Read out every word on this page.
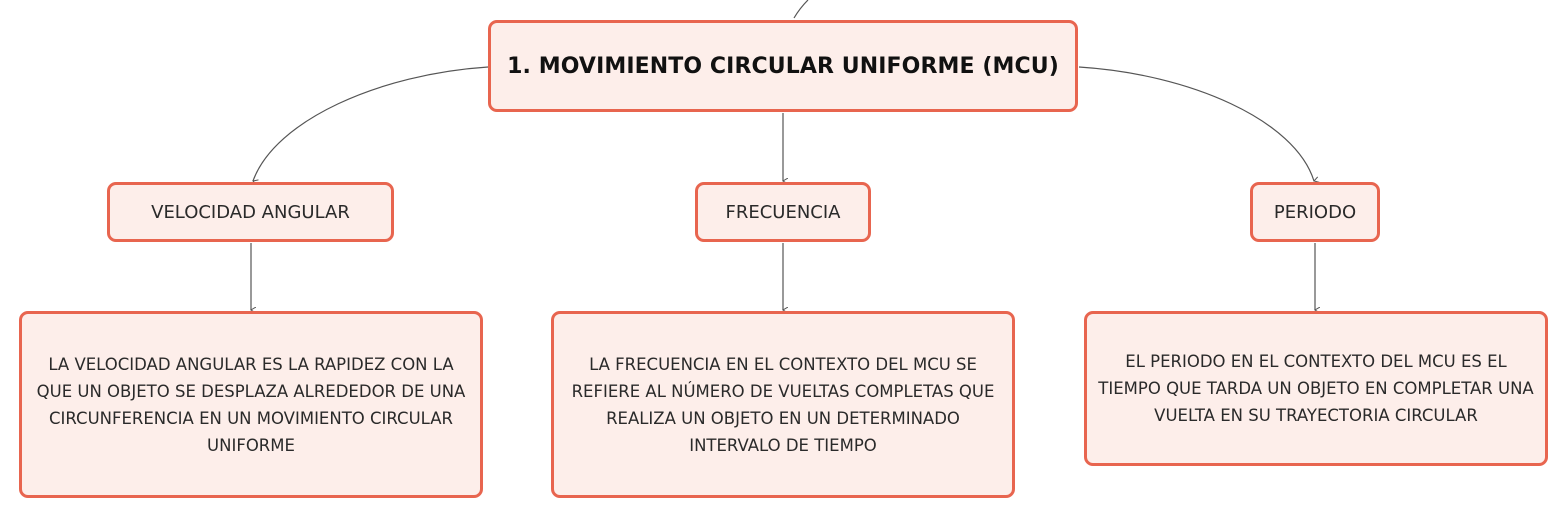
1. MOVIMIENTO CIRCULAR UNIFORME (MCU)
VELOCIDAD ANGULAR	FRECUENCIA	PERIODO
LA VELOCIDAD ANGULAR ES LA RAPIDEZ CON LA QUE UN OBJETO SE DESPLAZA ALREDEDOR DE UNA CIRCUNFERENCIA EN UN MOVIMIENTO CIRCULAR UNIFORME
LA FRECUENCIA EN EL CONTEXTO DEL MCU SE REFIERE AL NÚMERO DE VUELTAS COMPLETAS QUE REALIZA UN OBJETO EN UN DETERMINADO INTERVALO DE TIEMPO
EL PERIODO EN EL CONTEXTO DEL MCU ES EL TIEMPO QUE TARDA UN OBJETO EN COMPLETAR UNA VUELTA EN SU TRAYECTORIA CIRCULAR
